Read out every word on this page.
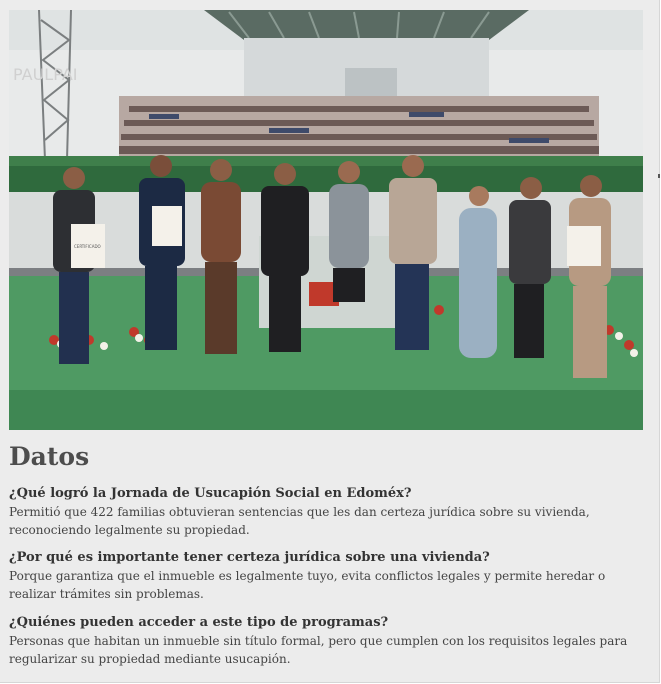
PAULPAI
CERTIFICADO
Datos

¿Qué logró la Jornada de Usucapión Social en Edoméx?

Permitió que 422 familias obtuvieran sentencias que les dan certeza jurídica sobre su vivienda, reconociendo legalmente su propiedad.

¿Por qué es importante tener certeza jurídica sobre una vivienda?

Porque garantiza que el inmueble es legalmente tuyo, evita conflictos legales y permite heredar o realizar trámites sin problemas.

¿Quiénes pueden acceder a este tipo de programas?

Personas que habitan un inmueble sin título formal, pero que cumplen con los requisitos legales para regularizar su propiedad mediante usucapión.
